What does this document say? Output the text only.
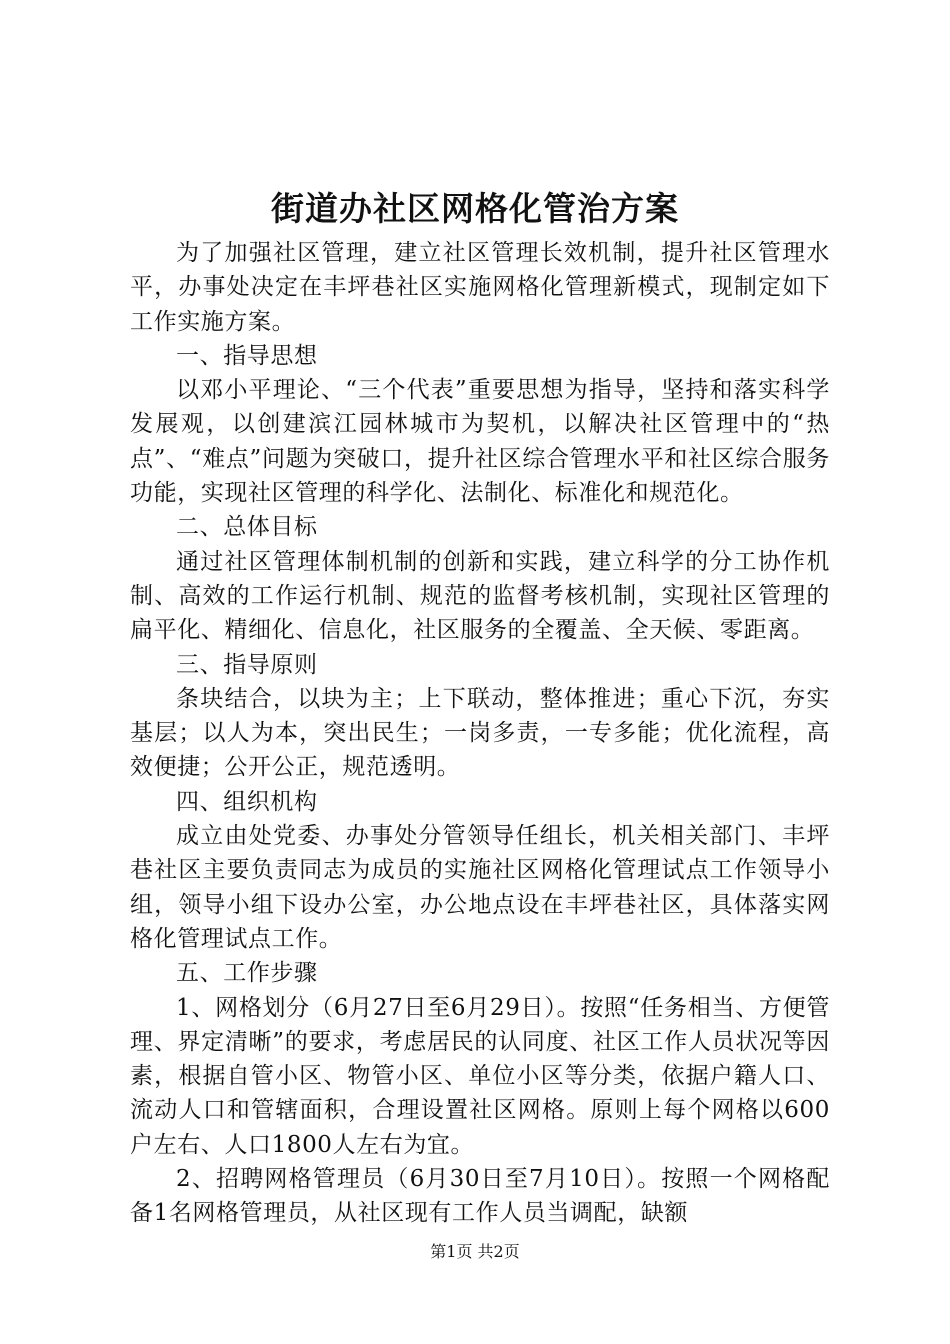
街道办社区网格化管治方案

为了加强社区管理，建立社区管理长效机制，提升社区管理水平，办事处决定在丰坪巷社区实施网格化管理新模式，现制定如下工作实施方案。

一、指导思想

以邓小平理论、“三个代表”重要思想为指导，坚持和落实科学发展观，以创建滨江园林城市为契机，以解决社区管理中的“热点”、“难点”问题为突破口，提升社区综合管理水平和社区综合服务功能，实现社区管理的科学化、法制化、标准化和规范化。

二、总体目标

通过社区管理体制机制的创新和实践，建立科学的分工协作机制、高效的工作运行机制、规范的监督考核机制，实现社区管理的扁平化、精细化、信息化，社区服务的全覆盖、全天候、零距离。

三、指导原则

条块结合，以块为主；上下联动，整体推进；重心下沉，夯实基层；以人为本，突出民生；一岗多责，一专多能；优化流程，高效便捷；公开公正，规范透明。

四、组织机构

成立由处党委、办事处分管领导任组长，机关相关部门、丰坪巷社区主要负责同志为成员的实施社区网格化管理试点工作领导小组，领导小组下设办公室，办公地点设在丰坪巷社区，具体落实网格化管理试点工作。

五、工作步骤

1、网格划分（6月27日至6月29日）。按照“任务相当、方便管理、界定清晰”的要求，考虑居民的认同度、社区工作人员状况等因素，根据自管小区、物管小区、单位小区等分类，依据户籍人口、流动人口和管辖面积，合理设置社区网格。原则上每个网格以600户左右、人口1800人左右为宜。

2、招聘网格管理员（6月30日至7月10日）。按照一个网格配备1名网格管理员，从社区现有工作人员当调配，缺额

第1页 共2页
